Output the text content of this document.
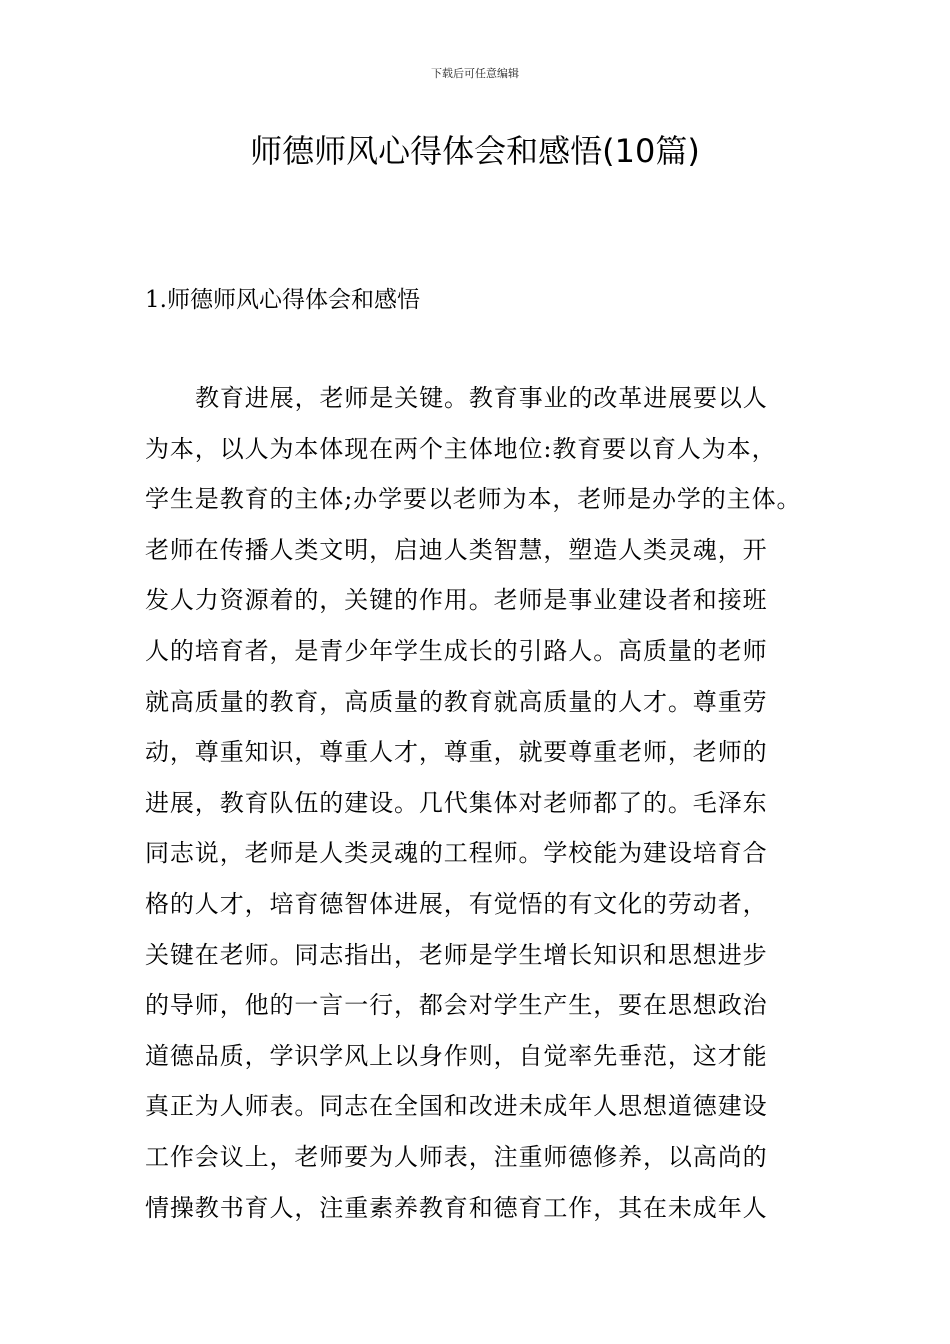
下载后可任意编辑
师德师风心得体会和感悟(10篇)
1.师德师风心得体会和感悟
教育进展，老师是关键。教育事业的改革进展要以人
为本，以人为本体现在两个主体地位:教育要以育人为本，
学生是教育的主体;办学要以老师为本，老师是办学的主体。
老师在传播人类文明，启迪人类智慧，塑造人类灵魂，开
发人力资源着的，关键的作用。老师是事业建设者和接班
人的培育者，是青少年学生成长的引路人。高质量的老师
就高质量的教育，高质量的教育就高质量的人才。尊重劳
动，尊重知识，尊重人才，尊重，就要尊重老师，老师的
进展，教育队伍的建设。几代集体对老师都了的。毛泽东
同志说，老师是人类灵魂的工程师。学校能为建设培育合
格的人才，培育德智体进展，有觉悟的有文化的劳动者，
关键在老师。同志指出，老师是学生增长知识和思想进步
的导师，他的一言一行，都会对学生产生，要在思想政治
道德品质，学识学风上以身作则，自觉率先垂范，这才能
真正为人师表。同志在全国和改进未成年人思想道德建设
工作会议上，老师要为人师表，注重师德修养，以高尚的
情操教书育人，注重素养教育和德育工作，其在未成年人
